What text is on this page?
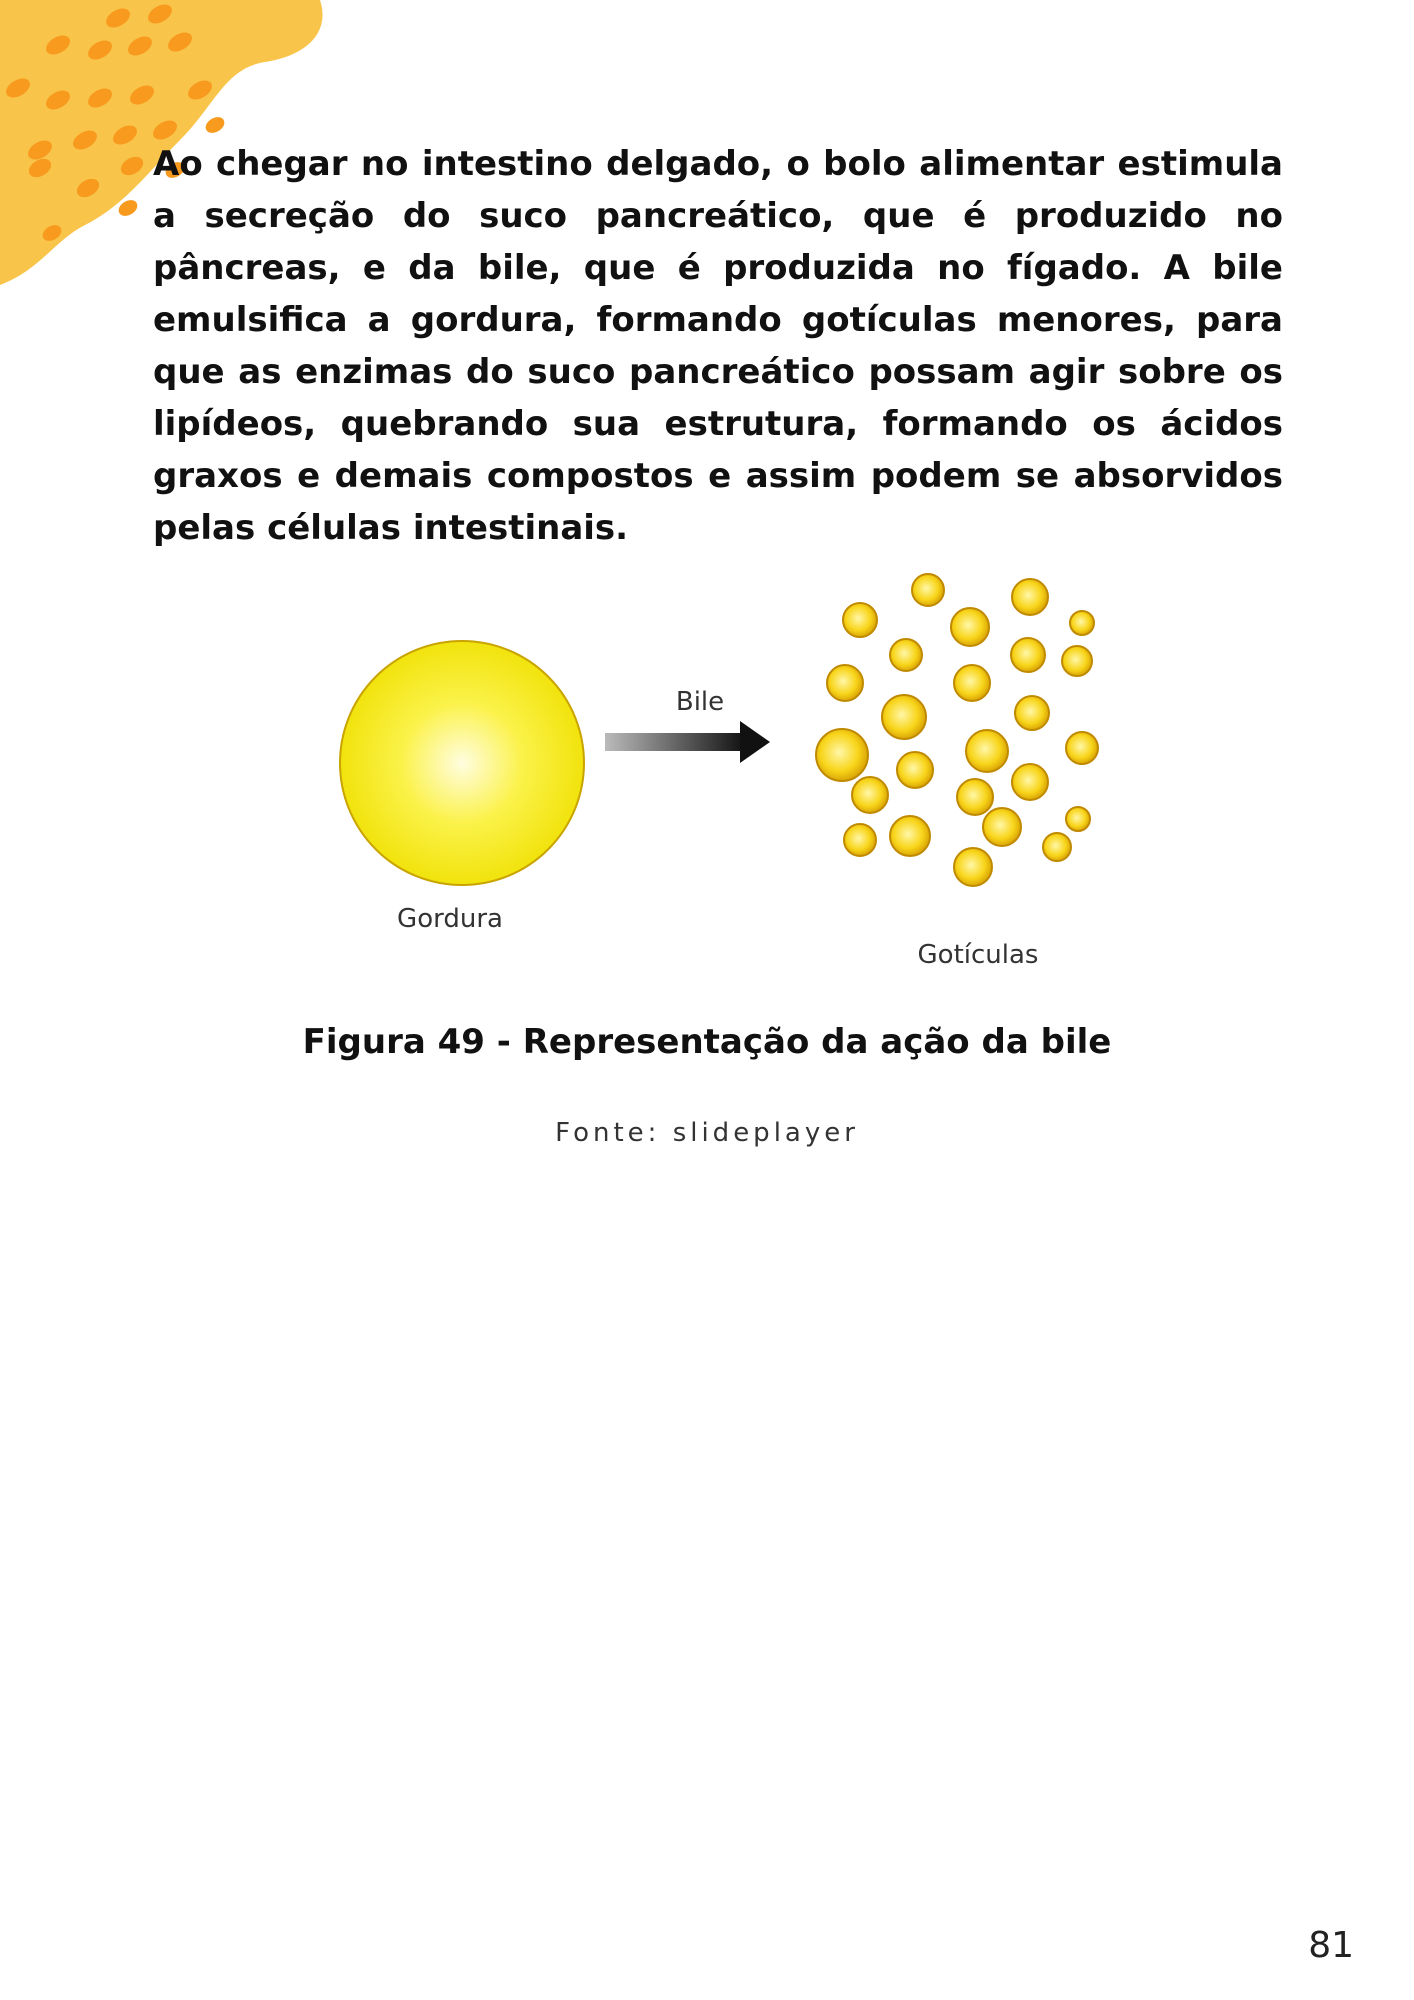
Ao chegar no intestino delgado, o bolo alimentar estimula a secreção do suco pancreático, que é produzido no pâncreas, e da bile, que é produzida no fígado. A bile emulsifica a gordura, formando gotículas menores, para que as enzimas do suco pancreático possam agir sobre os lipídeos, quebrando sua estrutura, formando os ácidos graxos e demais compostos e assim podem se absorvidos pelas células intestinais.

Gordura
Bile
Gotículas
Figura 49 - Representação da ação da bile
Fonte: slideplayer
81
